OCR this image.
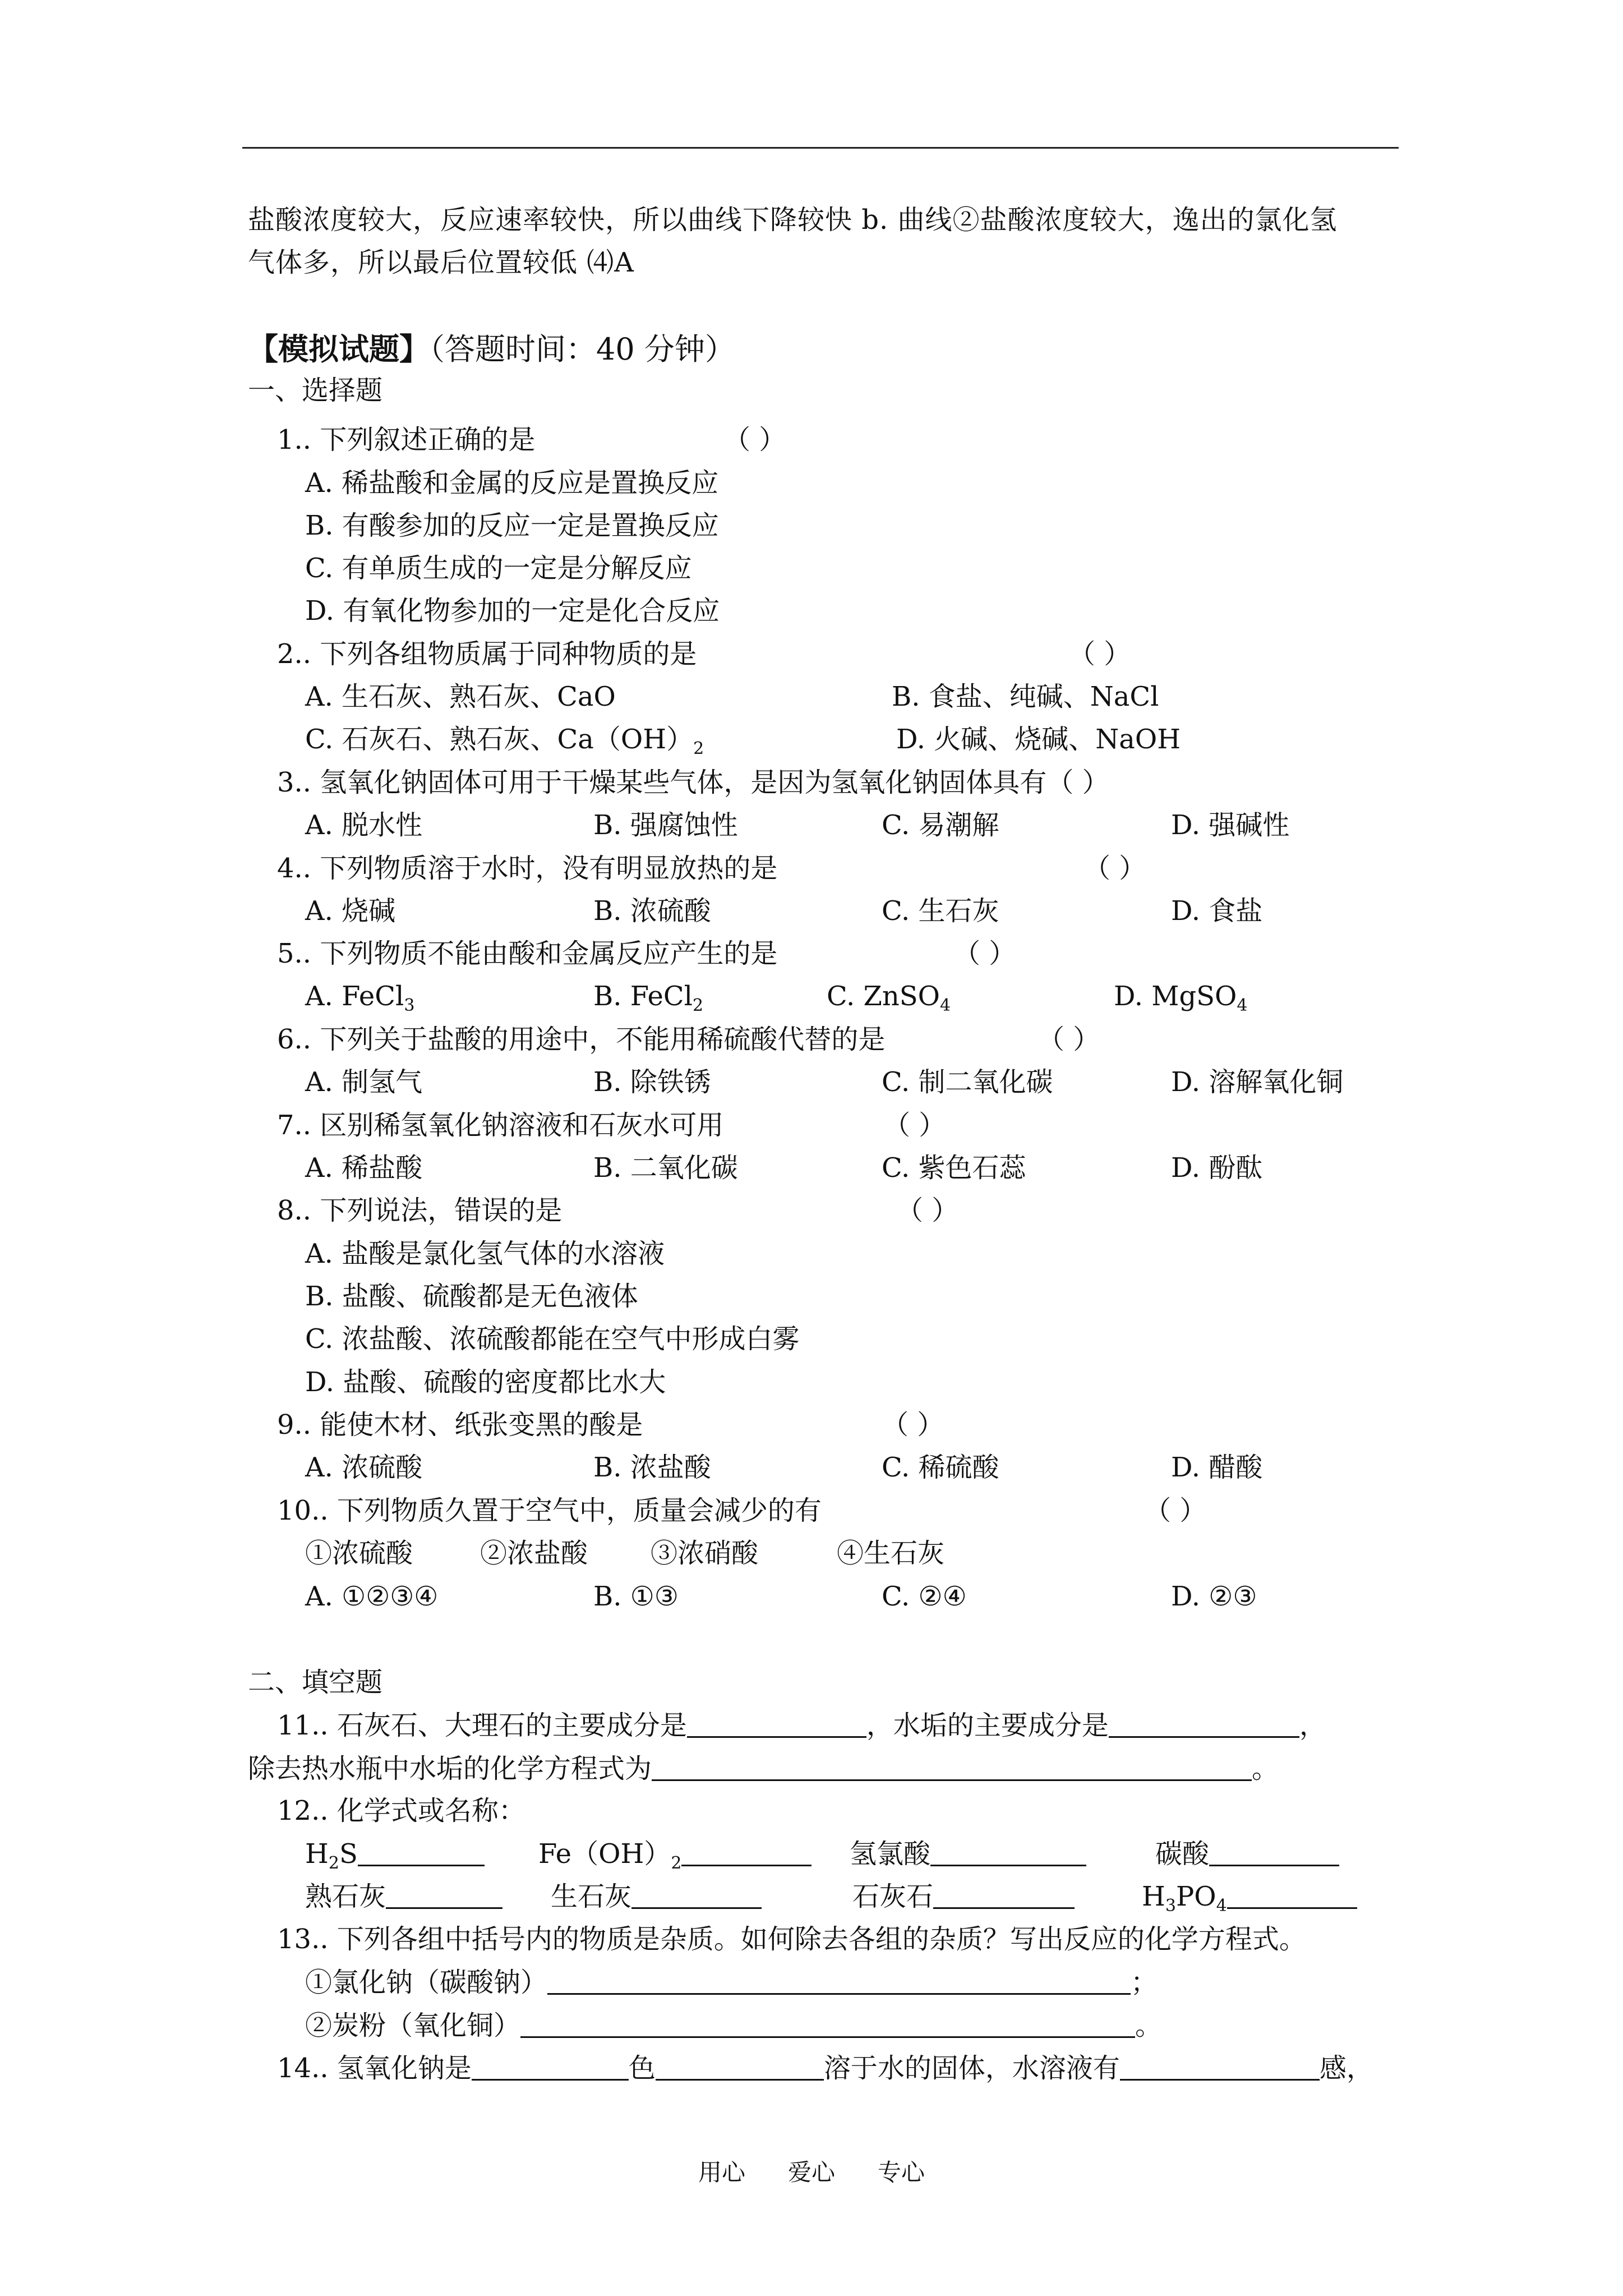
盐酸浓度较大，反应速率较快，所以曲线下降较快 b. 曲线②盐酸浓度较大，逸出的氯化氢
气体多，所以最后位置较低 ⑷A
【模拟试题】（答题时间：40 分钟）
一、选择题
1.. 下列叙述正确的是	（ ）
A. 稀盐酸和金属的反应是置换反应
B. 有酸参加的反应一定是置换反应
C. 有单质生成的一定是分解反应
D. 有氧化物参加的一定是化合反应
2.. 下列各组物质属于同种物质的是	（ ）
A. 生石灰、熟石灰、CaO	B. 食盐、纯碱、NaCl
C. 石灰石、熟石灰、$Ca(OH)_2$	D. 火碱、烧碱、NaOH
3.. 氢氧化钠固体可用于干燥某些气体，是因为氢氧化钠固体具有（ ）
A. 脱水性	B. 强腐蚀性	C. 易潮解	D. 强碱性
4.. 下列物质溶于水时，没有明显放热的是	（ ）
A. 烧碱	B. 浓硫酸	C. 生石灰	D. 食盐
5.. 下列物质不能由酸和金属反应产生的是	（ ）
A. FeCl$_3$	B. FeCl$_2$	C. ZnSO$_4$	D. MgSO$_4$
6.. 下列关于盐酸的用途中，不能用稀硫酸代替的是	（ ）
A. 制氢气	B. 除铁锈	C. 制二氧化碳	D. 溶解氧化铜
7.. 区别稀氢氧化钠溶液和石灰水可用	（ ）
A. 稀盐酸	B. 二氧化碳	C. 紫色石蕊	D. 酚酞
8.. 下列说法，错误的是	（ ）
A. 盐酸是氯化氢气体的水溶液
B. 盐酸、硫酸都是无色液体
C. 浓盐酸、浓硫酸都能在空气中形成白雾
D. 盐酸、硫酸的密度都比水大
9.. 能使木材、纸张变黑的酸是	（ ）
A. 浓硫酸	B. 浓盐酸	C. 稀硫酸	D. 醋酸
10.. 下列物质久置于空气中，质量会减少的有	（ ）
①浓硫酸 ②浓盐酸 ③浓硝酸	④生石灰
A. ①②③④	B. ①③	C. ②④	D. ②③
二、填空题
11.. 石灰石、大理石的主要成分是	，水垢的主要成分是	，
除去热水瓶中水垢的化学方程式为	。
12.. 化学式或名称：
$H_2S$	$Fe(OH)_2$	氢氯酸	碳酸
熟石灰	生石灰	石灰石	$H_3PO_4$
13.. 下列各组中括号内的物质是杂质。如何除去各组的杂质？写出反应的化学方程式。
①氯化钠（碳酸钠）	；
②炭粉（氧化铜）	。
14.. 氢氧化钠是	色	溶于水的固体，水溶液有	感，
用心 爱心 专心
